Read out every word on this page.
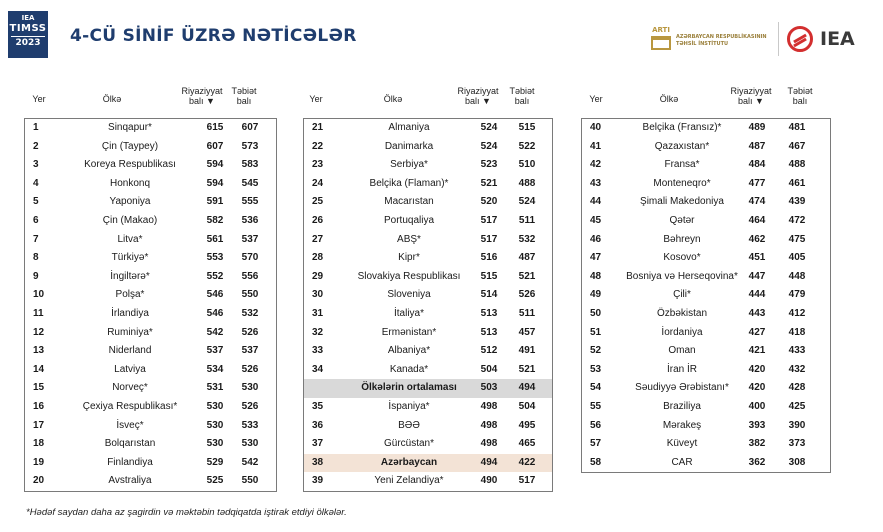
IEA
TIMSS
2023 4-CÜ SİNİF ÜZRƏ NƏTİCƏLƏR	ARTI
AZƏRBAYCAN RESPUBLİKASININ
TƏHSİL İNSTİTUTU	IEA
Yer	Ölkə
Riyaziyyat
balı ▼
Təbiət
balı
1	Sinqapur*	615	607
2	Çin (Taypey)	607	573
3	Koreya Respublikası	594	583
4	Honkonq	594	545
5	Yaponiya	591	555
6	Çin (Makao)	582	536
7	Litva*	561	537
8	Türkiyə*	553	570
9	İngiltərə*	552	556
10	Polşa*	546	550
11	İrlandiya	546	532
12	Ruminiya*	542	526
13	Niderland	537	537
14	Latviya	534	526
15	Norveç*	531	530
16	Çexiya Respublikası*	530	526
17	İsveç*	530	533
18	Bolqarıstan	530	530
19	Finlandiya	529	542
20	Avstraliya	525	550
Yer	Ölkə
Riyaziyyat
balı ▼
Təbiət
balı
21	Almaniya	524	515
22	Danimarka	524	522
23	Serbiya*	523	510
24	Belçika (Flaman)*	521	488
25	Macarıstan	520	524
26	Portuqaliya	517	511
27	ABŞ*	517	532
28	Kipr*	516	487
29	Slovakiya Respublikası	515	521
30	Sloveniya	514	526
31	İtaliya*	513	511
32	Ermənistan*	513	457
33	Albaniya*	512	491
34	Kanada*	504	521
Ölkələrin ortalaması	503	494
35	İspaniya*	498	504
36	BƏƏ	498	495
37	Gürcüstan*	498	465
38	Azərbaycan	494	422
39	Yeni Zelandiya*	490	517
Yer	Ölkə
Riyaziyyat
balı ▼
Təbiət
balı
40	Belçika (Fransız)*	489	481
41	Qazaxıstan*	487	467
42	Fransa*	484	488
43	Monteneqro*	477	461
44	Şimali Makedoniya	474	439
45	Qətər	464	472
46	Bəhreyn	462	475
47	Kosovo*	451	405
48	Bosniya və Herseqovina*	447	448
49	Çili*	444	479
50	Özbəkistan	443	412
51	İordaniya	427	418
52	Oman	421	433
53	İran İR	420	432
54	Səudiyyə Ərəbistanı*	420	428
55	Braziliya	400	425
56	Mərakeş	393	390
57	Küveyt	382	373
58	CAR	362	308
*Hədəf saydan daha az şagirdin və məktəbin tədqiqatda iştirak etdiyi ölkələr.
